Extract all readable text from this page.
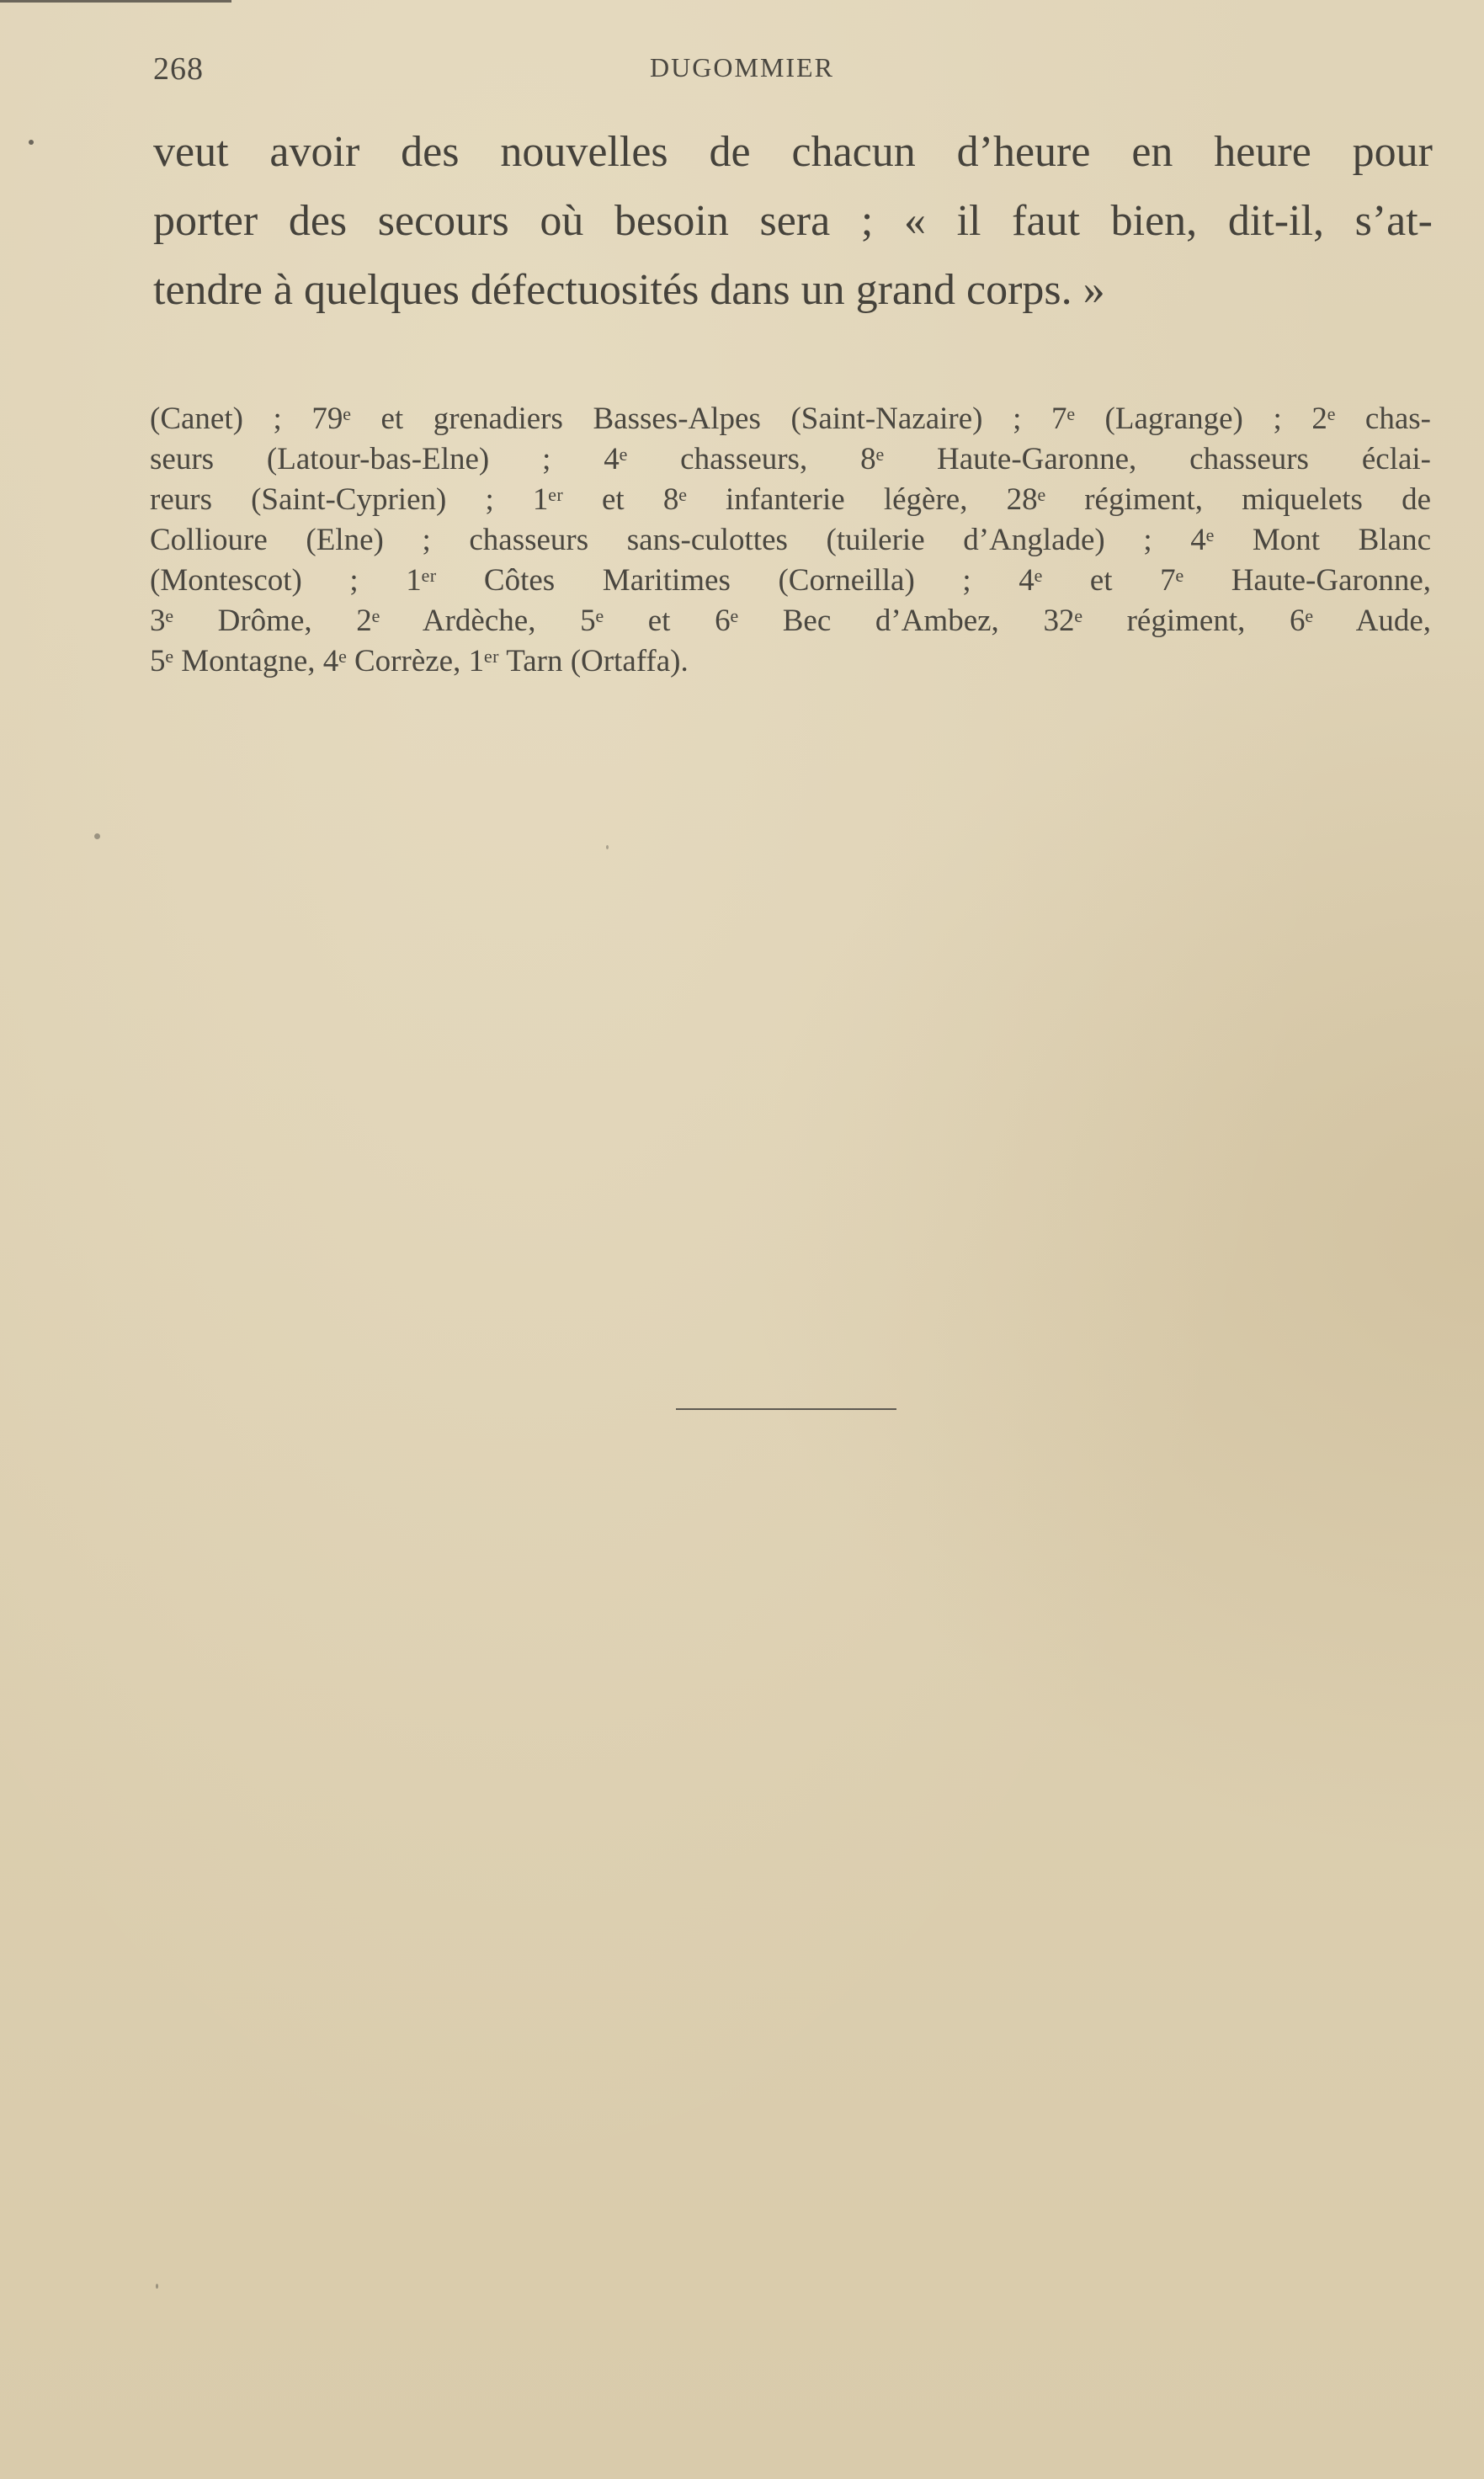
268	DUGOMMIER
veut avoir des nouvelles de chacun d’heure en heure pour
porter des secours où besoin sera ; « il faut bien, dit-il, s’at-
tendre à quelques défectuosités dans un grand corps. »
(Canet) ; 79ᵉ et grenadiers Basses-Alpes (Saint-Nazaire) ; 7ᵉ (Lagrange) ; 2ᵉ chas-
seurs (Latour-bas-Elne) ; 4ᵉ chasseurs, 8ᵉ Haute-Garonne, chasseurs éclai-
reurs (Saint-Cyprien) ; 1ᵉʳ et 8ᵉ infanterie légère, 28ᵉ régiment, miquelets de
Collioure (Elne) ; chasseurs sans-culottes (tuilerie d’Anglade) ; 4ᵉ Mont Blanc
(Montescot) ; 1ᵉʳ Côtes Maritimes (Corneilla) ; 4ᵉ et 7ᵉ Haute-Garonne,
3ᵉ Drôme, 2ᵉ Ardèche, 5ᵉ et 6ᵉ Bec d’Ambez, 32ᵉ régiment, 6ᵉ Aude,
5ᵉ Montagne, 4ᵉ Corrèze, 1ᵉʳ Tarn (Ortaffa).
